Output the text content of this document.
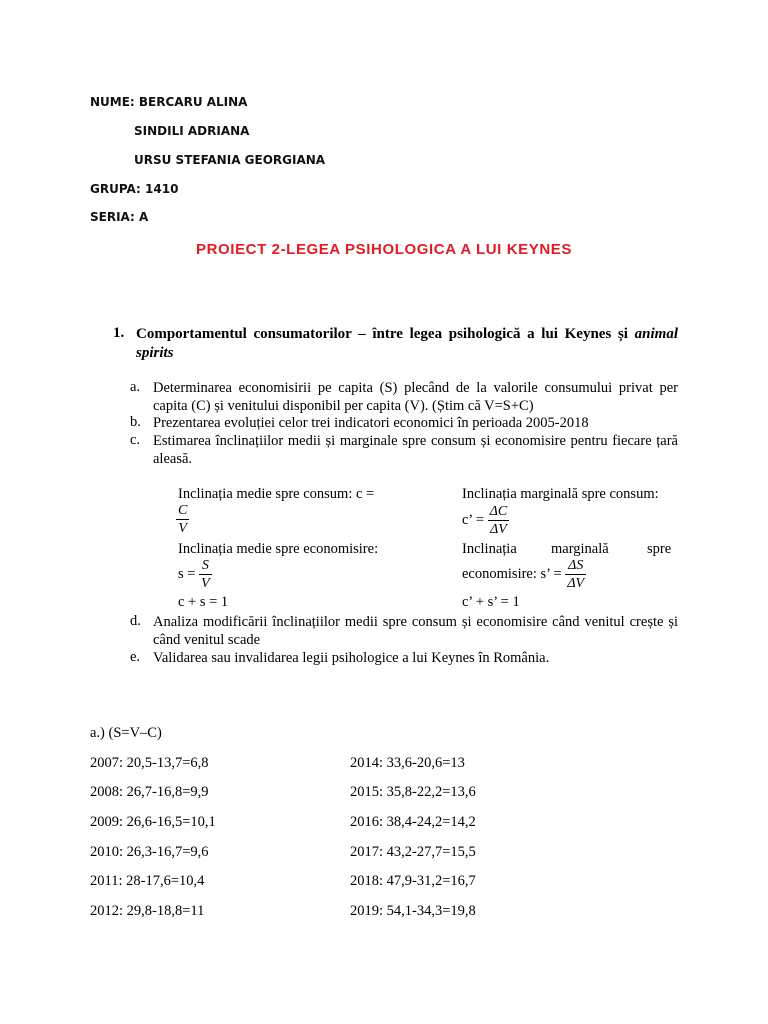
NUME: BERCARU ALINA
SINDILI ADRIANA
URSU STEFANIA GEORGIANA
GRUPA: 1410
SERIA: A
PROIECT 2-LEGEA PSIHOLOGICA A LUI KEYNES
1. Comportamentul consumatorilor – între legea psihologică a lui Keynes și animal spirits
a. Determinarea economisirii pe capita (S) plecând de la valorile consumului privat per capita (C) și venitului disponibil per capita (V). (Știm că V=S+C)
b. Prezentarea evoluției celor trei indicatori economici în perioada 2005-2018
c. Estimarea înclinațiilor medii și marginale spre consum și economisire pentru fiecare țară aleasă.
Inclinația medie spre consum: c =
$\frac{C}{V}$
Inclinația marginală spre consum:
c’ = $\frac{\Delta C}{\Delta V}$
Inclinația medie spre economisire:
$s = \frac{S}{V}$
Inclinația marginală	spre
economisire: s’ = $\frac{\Delta S}{\Delta V}$
c + s = 1	c’ + s’ = 1
d. Analiza modificării înclinațiilor medii spre consum și economisire când venitul crește și când venitul scade
e. Validarea sau invalidarea legii psihologice a lui Keynes în România.
a.) (S=V–C)
2007: 20,5-13,7=6,8
2008: 26,7-16,8=9,9
2009: 26,6-16,5=10,1
2010: 26,3-16,7=9,6
2011: 28-17,6=10,4
2012: 29,8-18,8=11
2014: 33,6-20,6=13
2015: 35,8-22,2=13,6
2016: 38,4-24,2=14,2
2017: 43,2-27,7=15,5
2018: 47,9-31,2=16,7
2019: 54,1-34,3=19,8
